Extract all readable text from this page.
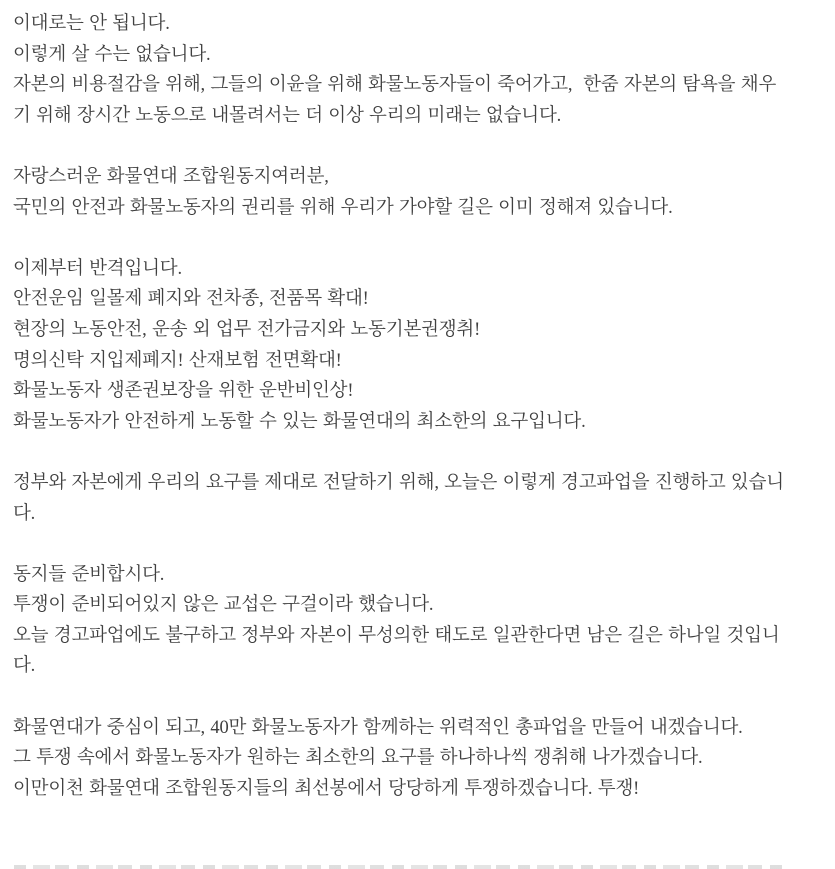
이대로는 안 됩니다.
이렇게 살 수는 없습니다.
자본의 비용절감을 위해, 그들의 이윤을 위해 화물노동자들이 죽어가고,  한줌 자본의 탐욕을 채우
기 위해 장시간 노동으로 내몰려서는 더 이상 우리의 미래는 없습니다.
자랑스러운 화물연대 조합원동지여러분,
국민의 안전과 화물노동자의 권리를 위해 우리가 가야할 길은 이미 정해져 있습니다.
이제부터 반격입니다.
안전운임 일몰제 폐지와 전차종, 전품목 확대!
현장의 노동안전, 운송 외 업무 전가금지와 노동기본권쟁취!
명의신탁 지입제폐지! 산재보험 전면확대!
화물노동자 생존권보장을 위한 운반비인상!
화물노동자가 안전하게 노동할 수 있는 화물연대의 최소한의 요구입니다.
정부와 자본에게 우리의 요구를 제대로 전달하기 위해, 오늘은 이렇게 경고파업을 진행하고 있습니
다.
동지들 준비합시다.
투쟁이 준비되어있지 않은 교섭은 구걸이라 했습니다.
오늘 경고파업에도 불구하고 정부와 자본이 무성의한 태도로 일관한다면 남은 길은 하나일 것입니
다.
화물연대가 중심이 되고, 40만 화물노동자가 함께하는 위력적인 총파업을 만들어 내겠습니다.
그 투쟁 속에서 화물노동자가 원하는 최소한의 요구를 하나하나씩 쟁취해 나가겠습니다.
이만이천 화물연대 조합원동지들의 최선봉에서 당당하게 투쟁하겠습니다. 투쟁!
